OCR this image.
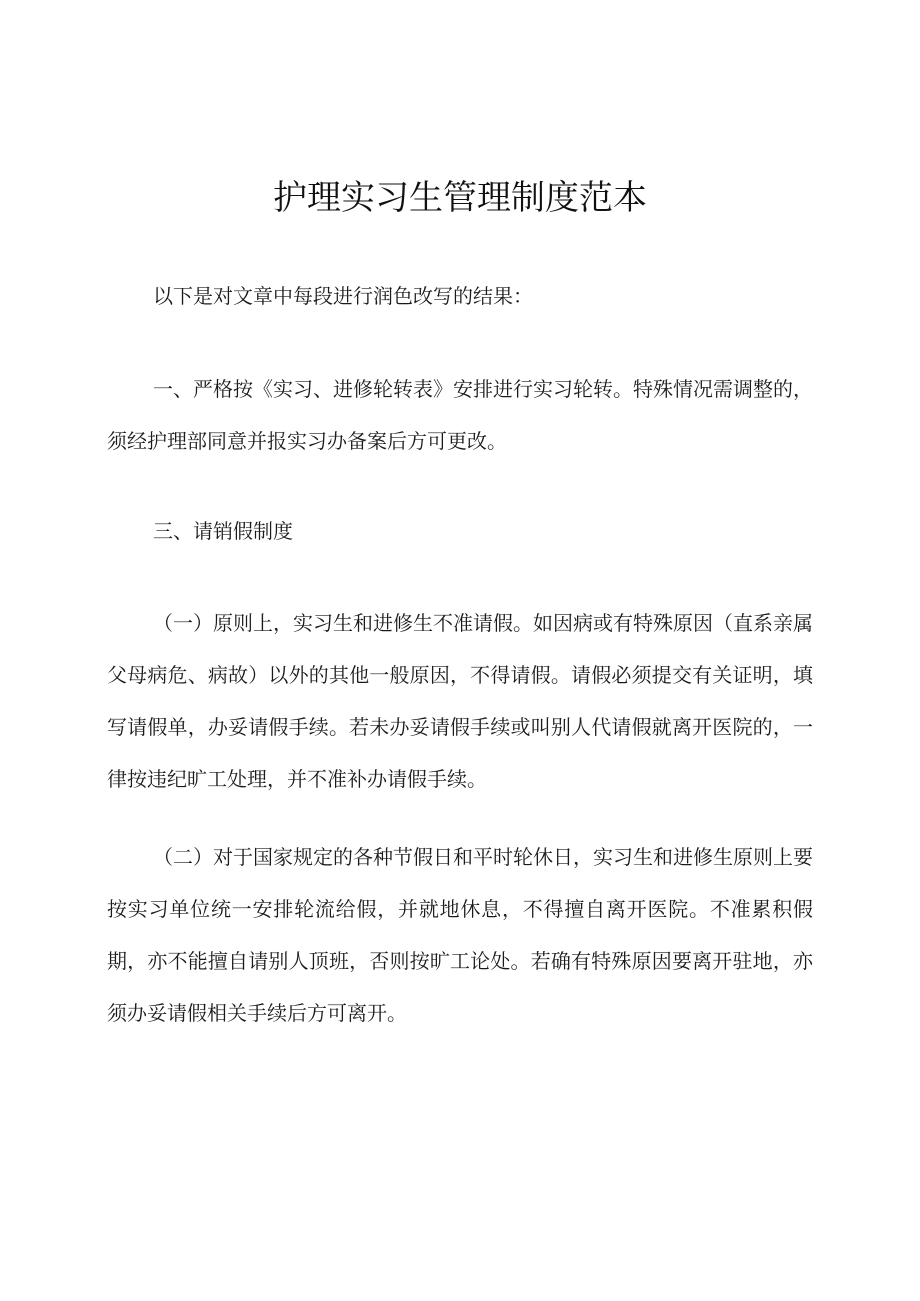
护理实习生管理制度范本

以下是对文章中每段进行润色改写的结果：

一、严格按《实习、进修轮转表》安排进行实习轮转。特殊情况需调整的，须经护理部同意并报实习办备案后方可更改。

三、请销假制度

（一）原则上，实习生和进修生不准请假。如因病或有特殊原因（直系亲属父母病危、病故）以外的其他一般原因，不得请假。请假必须提交有关证明，填写请假单，办妥请假手续。若未办妥请假手续或叫别人代请假就离开医院的，一律按违纪旷工处理，并不准补办请假手续。

（二）对于国家规定的各种节假日和平时轮休日，实习生和进修生原则上要按实习单位统一安排轮流给假，并就地休息，不得擅自离开医院。不准累积假期，亦不能擅自请别人顶班，否则按旷工论处。若确有特殊原因要离开驻地，亦须办妥请假相关手续后方可离开。
